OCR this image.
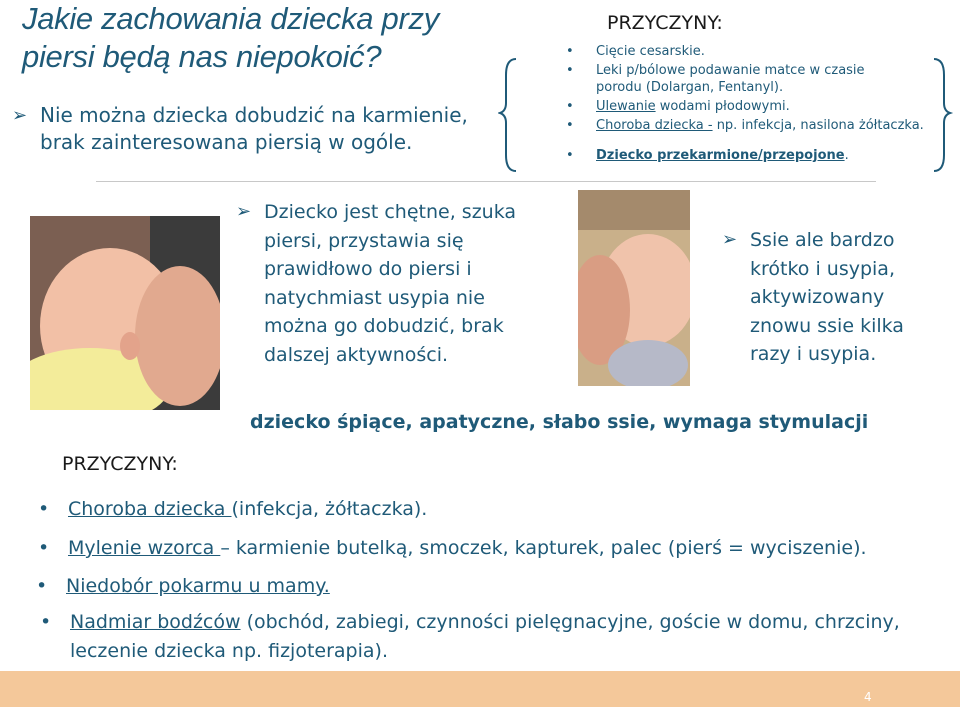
Jakie zachowania dziecka przy piersi będą nas niepokoić?
➢ Nie można dziecka dobudzić na karmienie, brak zainteresowana piersią w ogóle.
PRZYCZYNY:
• Cięcie cesarskie.
• Leki p/bólowe podawanie matce w czasie porodu (Dolargan, Fentanyl).
• Ulewanie wodami płodowymi.
• Choroba dziecka - np. infekcja, nasilona żółtaczka.
• Dziecko przekarmione/przepojone.
➢ Dziecko jest chętne, szuka piersi, przystawia się prawidłowo do piersi i natychmiast usypia nie można go dobudzić, brak dalszej aktywności.
➢ Ssie ale bardzo krótko i usypia, aktywizowany znowu ssie kilka razy i usypia.
dziecko śpiące, apatyczne, słabo ssie, wymaga stymulacji
PRZYCZYNY:
• Choroba dziecka (infekcja, żółtaczka).
• Mylenie wzorca – karmienie butelką, smoczek, kapturek, palec (pierś = wyciszenie).
• Niedobór pokarmu u mamy.
• Nadmiar bodźców (obchód, zabiegi, czynności pielęgnacyjne, goście w domu, chrzciny,
leczenie dziecka np. fizjoterapia).
4
